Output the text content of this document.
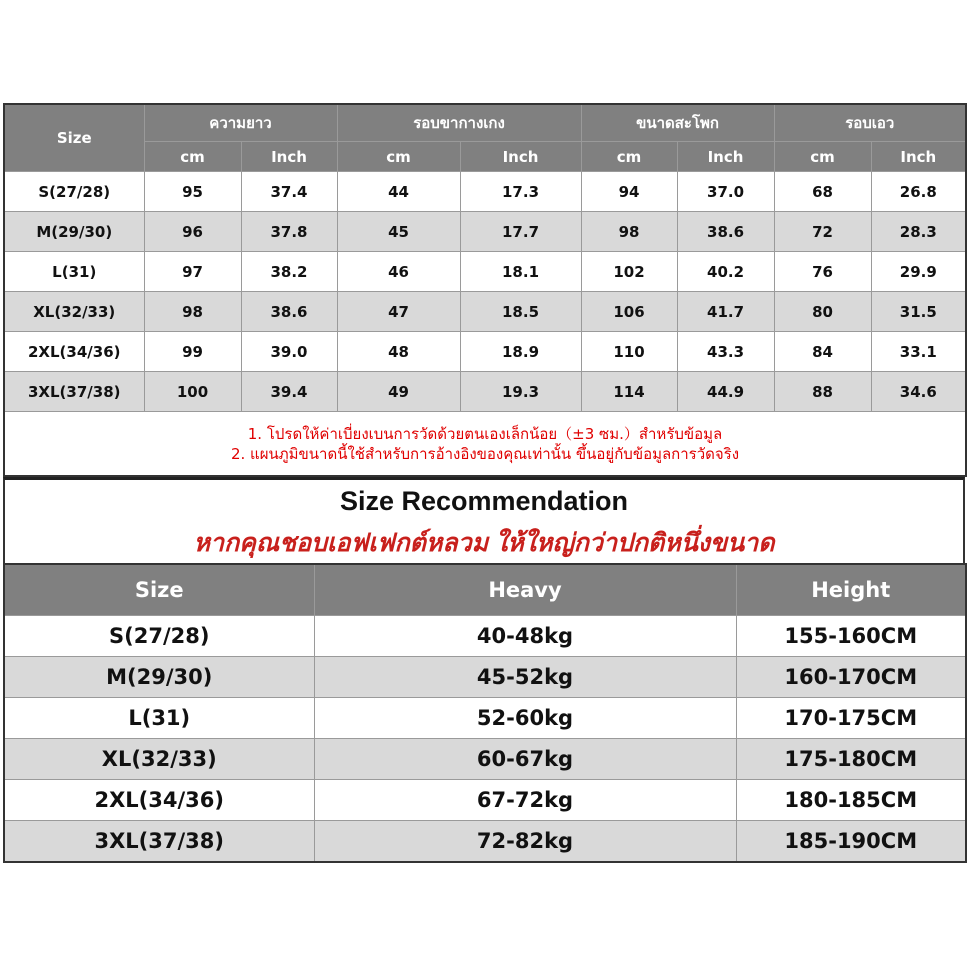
Size	ความยาว		รอบขากางเกง		ขนาดสะโพก		รอบเอว	
	cm	Inch	cm	Inch	cm	Inch	cm	Inch
S(27/28)	95	37.4	44	17.3	94	37.0	68	26.8
M(29/30)	96	37.8	45	17.7	98	38.6	72	28.3
L(31)	97	38.2	46	18.1	102	40.2	76	29.9
XL(32/33)	98	38.6	47	18.5	106	41.7	80	31.5
2XL(34/36)	99	39.0	48	18.9	110	43.3	84	33.1
3XL(37/38)	100	39.4	49	19.3	114	44.9	88	34.6

1. โปรดให้ค่าเบี่ยงเบนการวัดด้วยตนเองเล็กน้อย（±3 ซม.）สำหรับข้อมูล
2. แผนภูมิขนาดนี้ใช้สำหรับการอ้างอิงของคุณเท่านั้น ขึ้นอยู่กับข้อมูลการวัดจริง								
Size Recommendation
หากคุณชอบเอฟเฟกต์หลวม ให้ใหญ่กว่าปกติหนึ่งขนาด
Size	Heavy	Height
S(27/28)	40-48kg	155-160CM
M(29/30)	45-52kg	160-170CM
L(31)	52-60kg	170-175CM
XL(32/33)	60-67kg	175-180CM
2XL(34/36)	67-72kg	180-185CM
3XL(37/38)	72-82kg	185-190CM
